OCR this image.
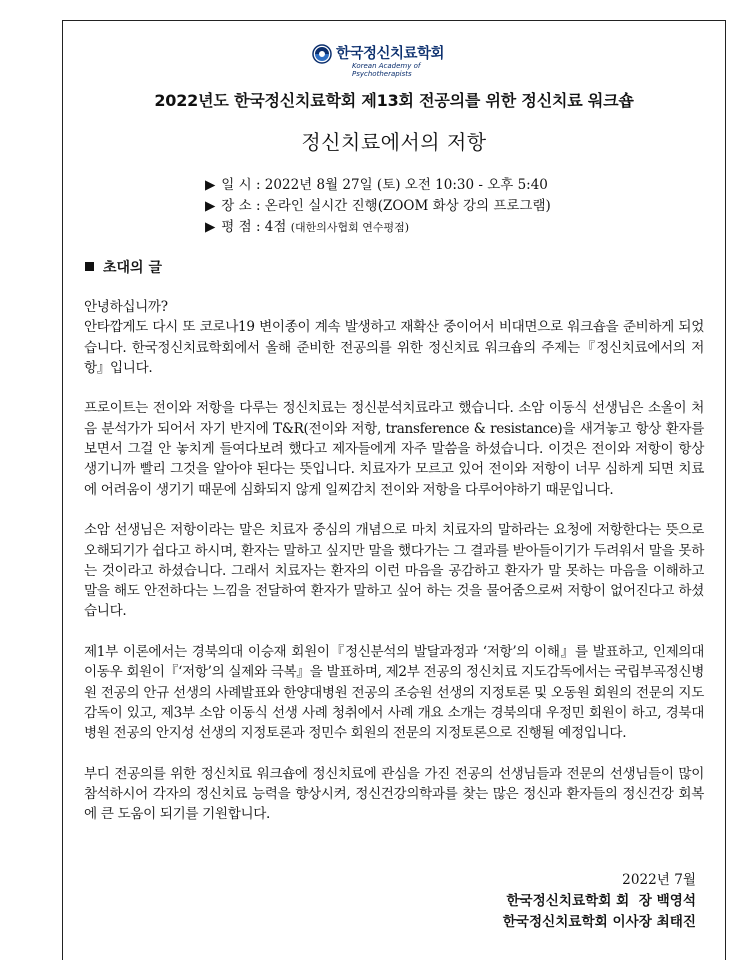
한국정신치료학회
Korean Academy of
Psychotherapists
2022년도 한국정신치료학회 제13회 전공의를 위한 정신치료 워크숍
정신치료에서의 저항
▶ 일 시 : 2022년 8월 27일 (토) 오전 10:30 - 오후 5:40
▶ 장 소 : 온라인 실시간 진행(ZOOM 화상 강의 프로그램)
▶ 평 점 : 4점 (대한의사협회 연수평점)
초대의 글

안녕하십니까?

안타깝게도 다시 또 코로나19 변이종이 계속 발생하고 재확산 중이어서 비대면으로 워크숍을 준비하게 되었습니다. 한국정신치료학회에서 올해 준비한 전공의를 위한 정신치료 워크숍의 주제는『정신치료에서의 저항』입니다.

프로이트는 전이와 저항을 다루는 정신치료는 정신분석치료라고 했습니다. 소암 이동식 선생님은 소올이 처음 분석가가 되어서 자기 반지에 T&R(전이와 저항, transference & resistance)을 새겨놓고 항상 환자를 보면서 그걸 안 놓치게 들여다보려 했다고 제자들에게 자주 말씀을 하셨습니다. 이것은 전이와 저항이 항상 생기니까 빨리 그것을 알아야 된다는 뜻입니다. 치료자가 모르고 있어 전이와 저항이 너무 심하게 되면 치료에 어려움이 생기기 때문에 심화되지 않게 일찌감치 전이와 저항을 다루어야하기 때문입니다.

소암 선생님은 저항이라는 말은 치료자 중심의 개념으로 마치 치료자의 말하라는 요청에 저항한다는 뜻으로 오해되기가 쉽다고 하시며, 환자는 말하고 싶지만 말을 했다가는 그 결과를 받아들이기가 두려워서 말을 못하는 것이라고 하셨습니다. 그래서 치료자는 환자의 이런 마음을 공감하고 환자가 말 못하는 마음을 이해하고 말을 해도 안전하다는 느낌을 전달하여 환자가 말하고 싶어 하는 것을 물어줌으로써 저항이 없어진다고 하셨습니다.

제1부 이론에서는 경북의대 이승재 회원이『정신분석의 발달과정과 ‘저항’의 이해』를 발표하고, 인제의대 이동우 회원이『‘저항’의 실제와 극복』을 발표하며, 제2부 전공의 정신치료 지도감독에서는 국립부곡정신병원 전공의 안규 선생의 사례발표와 한양대병원 전공의 조승원 선생의 지정토론 및 오동원 회원의 전문의 지도감독이 있고, 제3부 소암 이동식 선생 사례 청취에서 사례 개요 소개는 경북의대 우정민 회원이 하고, 경북대병원 전공의 안지성 선생의 지정토론과 정민수 회원의 전문의 지정토론으로 진행될 예정입니다.

부디 전공의를 위한 정신치료 워크숍에 정신치료에 관심을 가진 전공의 선생님들과 전문의 선생님들이 많이 참석하시어 각자의 정신치료 능력을 향상시켜, 정신건강의학과를 찾는 많은 정신과 환자들의 정신건강 회복에 큰 도움이 되기를 기원합니다.

2022년 7월
한국정신치료학회 회  장 백영석
한국정신치료학회 이사장 최태진
